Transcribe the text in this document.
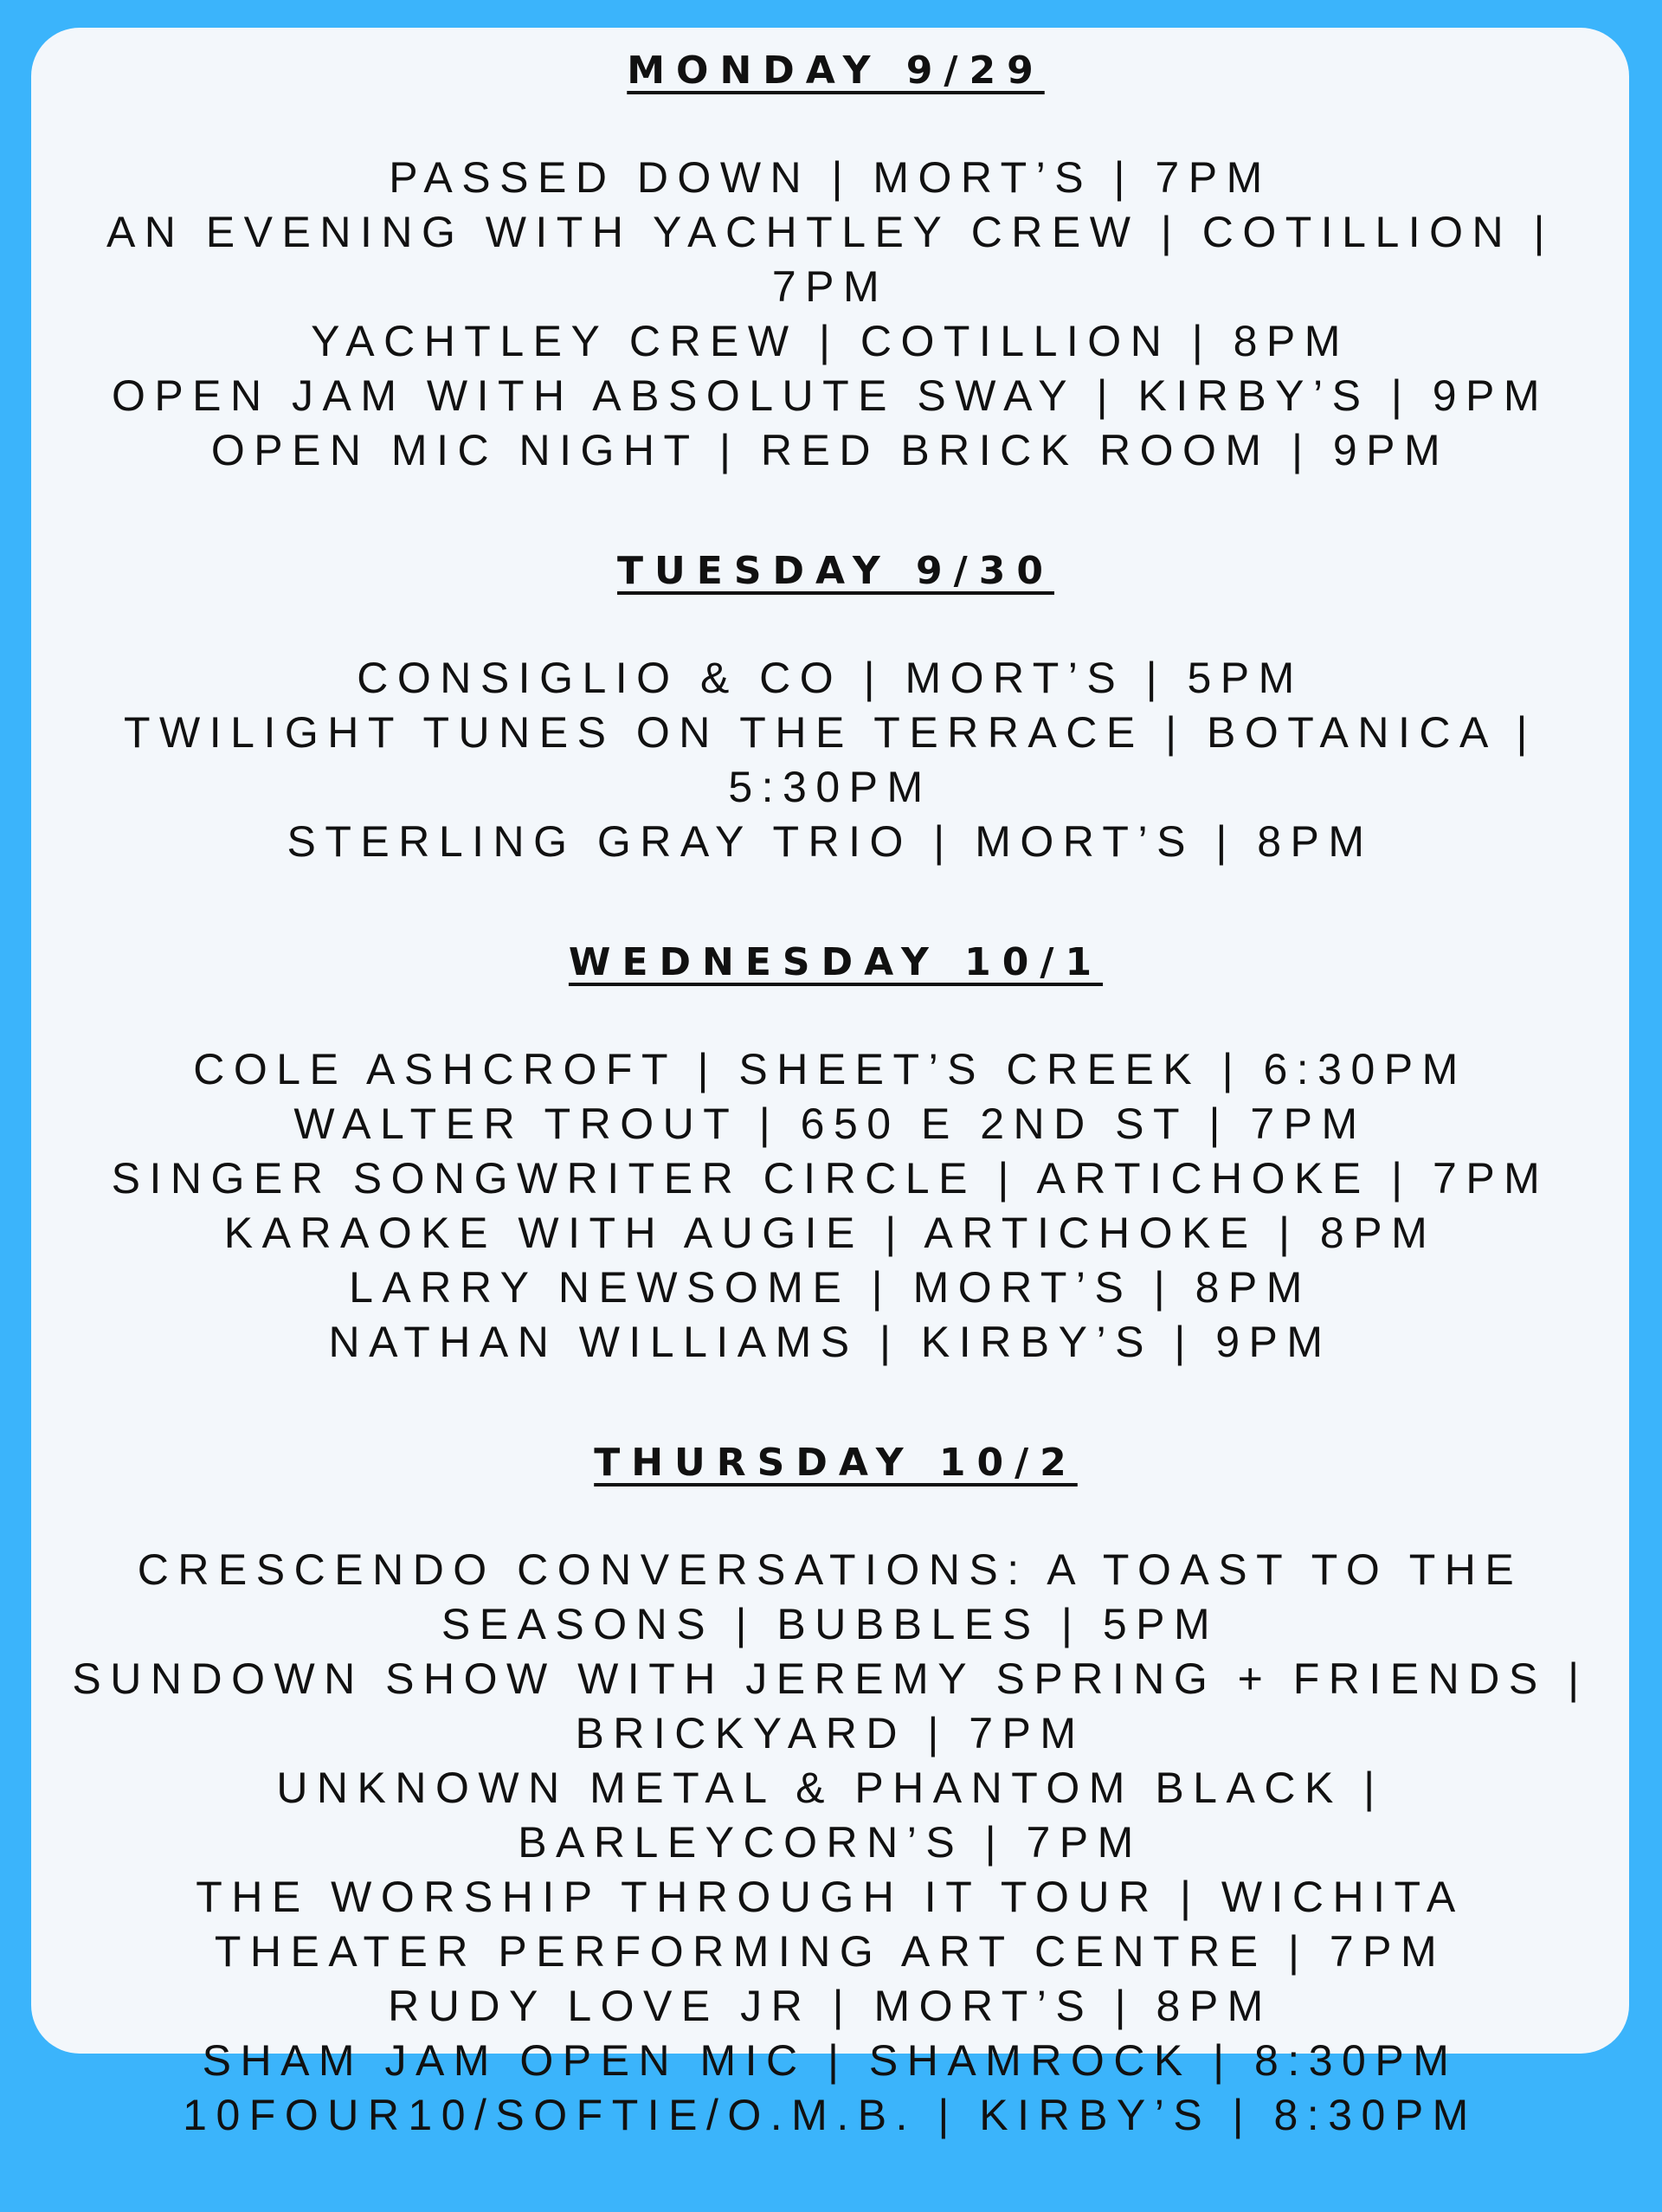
MONDAY 9/29
PASSED DOWN | MORT’S | 7PM
AN EVENING WITH YACHTLEY CREW | COTILLION | 7PM
YACHTLEY CREW | COTILLION | 8PM
OPEN JAM WITH ABSOLUTE SWAY | KIRBY’S | 9PM
OPEN MIC NIGHT | RED BRICK ROOM | 9PM
TUESDAY 9/30
CONSIGLIO & CO | MORT’S | 5PM
TWILIGHT TUNES ON THE TERRACE | BOTANICA | 5:30PM
STERLING GRAY TRIO | MORT’S | 8PM
WEDNESDAY 10/1
COLE ASHCROFT | SHEET’S CREEK | 6:30PM
WALTER TROUT | 650 E 2ND ST | 7PM
SINGER SONGWRITER CIRCLE | ARTICHOKE | 7PM
KARAOKE WITH AUGIE | ARTICHOKE | 8PM
LARRY NEWSOME | MORT’S | 8PM
NATHAN WILLIAMS | KIRBY’S | 9PM
THURSDAY 10/2
CRESCENDO CONVERSATIONS: A TOAST TO THE SEASONS | BUBBLES | 5PM
SUNDOWN SHOW WITH JEREMY SPRING + FRIENDS | BRICKYARD | 7PM
UNKNOWN METAL & PHANTOM BLACK | BARLEYCORN’S | 7PM
THE WORSHIP THROUGH IT TOUR | WICHITA THEATER PERFORMING ART CENTRE | 7PM
RUDY LOVE JR | MORT’S | 8PM
SHAM JAM OPEN MIC | SHAMROCK | 8:30PM
10FOUR10/SOFTIE/O.M.B. | KIRBY’S | 8:30PM
